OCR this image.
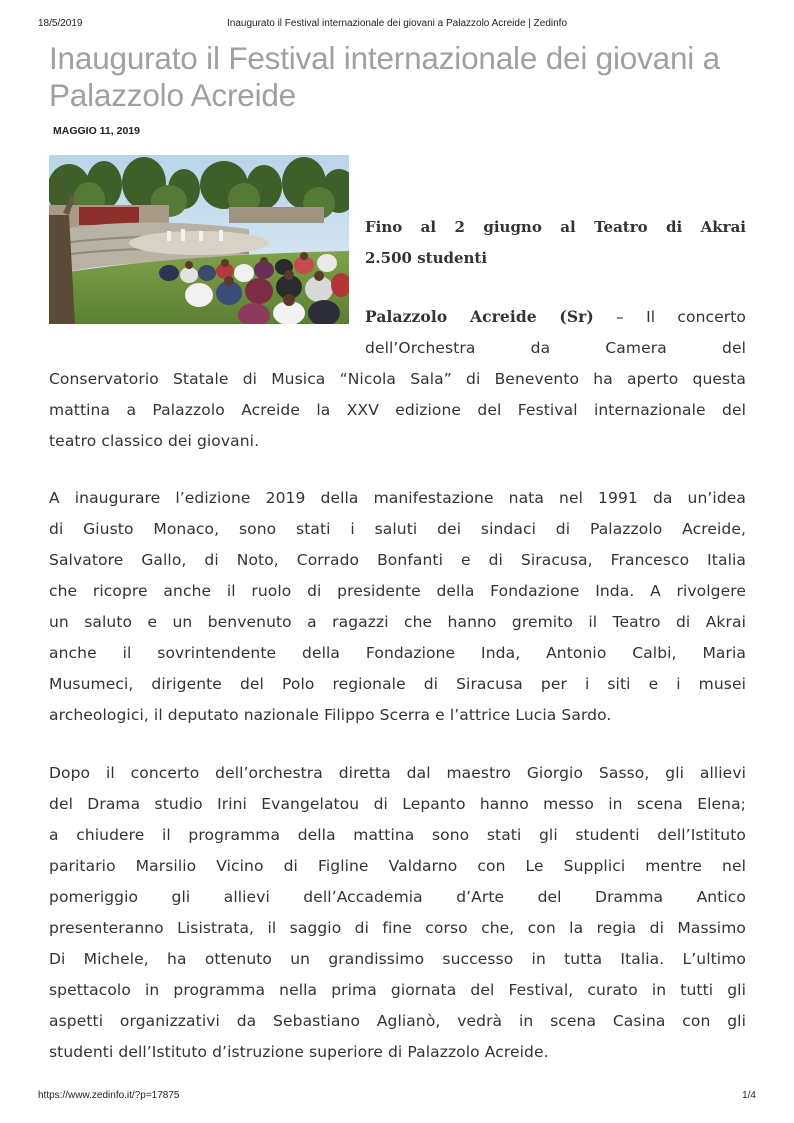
18/5/2019	Inaugurato il Festival internazionale dei giovani a Palazzolo Acreide | Zedinfo
Inaugurato il Festival internazionale dei giovani a Palazzolo Acreide
MAGGIO 11, 2019
Fino al 2 giugno al Teatro di Akrai
2.500 studenti
Palazzolo Acreide (Sr) – Il concerto
dell’Orchestra da Camera del
Conservatorio Statale di Musica “Nicola Sala” di Benevento ha aperto questa
mattina a Palazzolo Acreide la XXV edizione del Festival internazionale del
teatro classico dei giovani.
A inaugurare l’edizione 2019 della manifestazione nata nel 1991 da un’idea
di Giusto Monaco, sono stati i saluti dei sindaci di Palazzolo Acreide,
Salvatore Gallo, di Noto, Corrado Bonfanti e di Siracusa, Francesco Italia
che ricopre anche il ruolo di presidente della Fondazione Inda. A rivolgere
un saluto e un benvenuto a ragazzi che hanno gremito il Teatro di Akrai
anche il sovrintendente della Fondazione Inda, Antonio Calbi, Maria
Musumeci, dirigente del Polo regionale di Siracusa per i siti e i musei
archeologici, il deputato nazionale Filippo Scerra e l’attrice Lucia Sardo.
Dopo il concerto dell’orchestra diretta dal maestro Giorgio Sasso, gli allievi
del Drama studio Irini Evangelatou di Lepanto hanno messo in scena Elena;
a chiudere il programma della mattina sono stati gli studenti dell’Istituto
paritario Marsilio Vicino di Figline Valdarno con Le Supplici mentre nel
pomeriggio gli allievi dell’Accademia d’Arte del Dramma Antico
presenteranno Lisistrata, il saggio di fine corso che, con la regia di Massimo
Di Michele, ha ottenuto un grandissimo successo in tutta Italia. L’ultimo
spettacolo in programma nella prima giornata del Festival, curato in tutti gli
aspetti organizzativi da Sebastiano Aglianò, vedrà in scena Casina con gli
studenti dell’Istituto d’istruzione superiore di Palazzolo Acreide.
https://www.zedinfo.it/?p=17875	1/4
